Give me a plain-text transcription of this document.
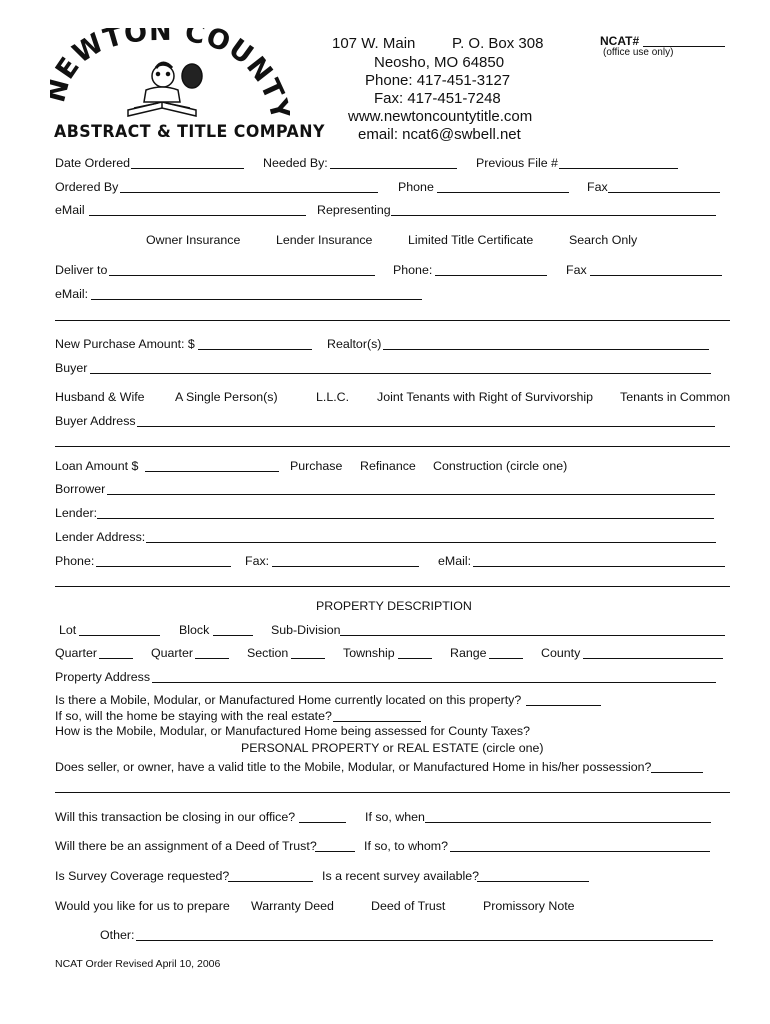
EWTON COUNT
ABSTRACT & TITLE COMPANY
107 W. Main P. O. Box 308
Neosho, MO 64850
Phone: 417-451-3127
Fax: 417-451-7248
www.newtoncountytitle.com
email: ncat6@swbell.net
NCAT#
(office use only)
Date Ordered	Needed By:	Previous File #
Ordered By	Phone	Fax
eMail	Representing
Owner Insurance	Lender Insurance	Limited Title Certificate	Search Only
Deliver to	Phone:	Fax
eMail:
New Purchase Amount: $	Realtor(s)
Buyer
Husband & Wife A Single Person(s)	L.L.C. Joint Tenants with Right of Survivorship Tenants in Common
Buyer Address
Loan Amount $	Purchase Refinance Construction (circle one)
Borrower
Lender:
Lender Address:
Phone:	Fax:	eMail:
PROPERTY DESCRIPTION
Lot	Block	Sub-Division
Quarter	Quarter	Section	Township	Range	County
Property Address
Is there a Mobile, Modular, or Manufactured Home currently located on this property?
If so, will the home be staying with the real estate?
How is the Mobile, Modular, or Manufactured Home being assessed for County Taxes?
PERSONAL PROPERTY or REAL ESTATE (circle one)
Does seller, or owner, have a valid title to the Mobile, Modular, or Manufactured Home in his/her possession?
Will this transaction be closing in our office?	If so, when
Will there be an assignment of a Deed of Trust?	If so, to whom?
Is Survey Coverage requested?	Is a recent survey available?
Would you like for us to prepare Warranty Deed	Deed of Trust	Promissory Note
Other:
NCAT Order Revised April 10, 2006
